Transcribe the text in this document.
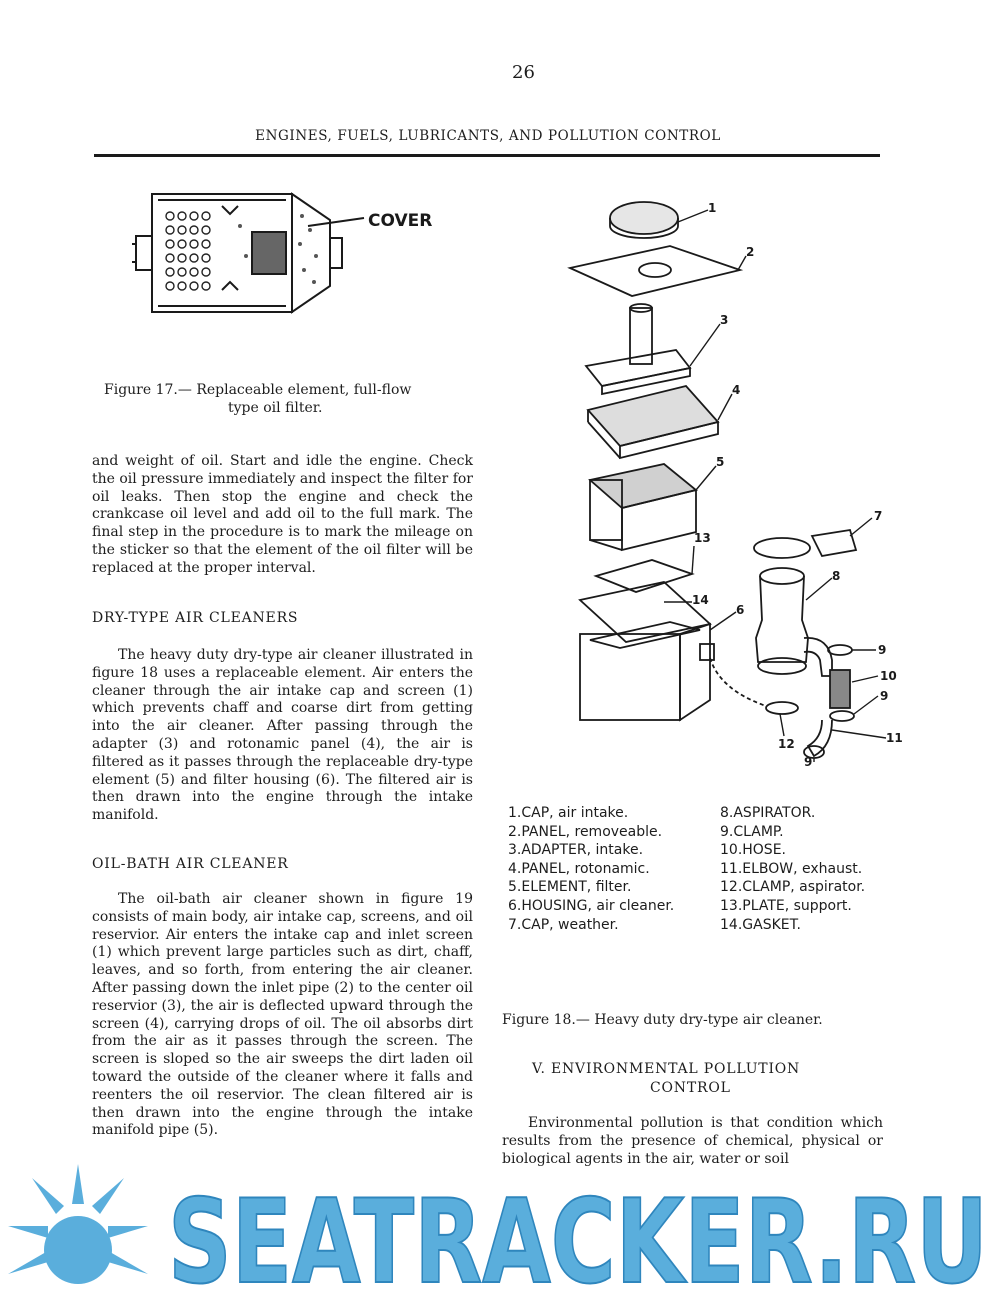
26
ENGINES, FUELS, LUBRICANTS, AND POLLUTION CONTROL
COVER
Figure 17.— Replaceable element, full-flow
type oil filter.

and weight of oil. Start and idle the engine. Check the oil pressure immediately and inspect the filter for oil leaks. Then stop the engine and check the crankcase oil level and add oil to the full mark. The final step in the procedure is to mark the mileage on the sticker so that the element of the oil filter will be replaced at the proper interval.

DRY-TYPE AIR CLEANERS

The heavy duty dry-type air cleaner illustrated in figure 18 uses a replaceable element. Air enters the cleaner through the air intake cap and screen (1) which prevents chaff and coarse dirt from getting into the air cleaner. After passing through the adapter (3) and rotonamic panel (4), the air is filtered as it passes through the replaceable dry-type element (5) and filter housing (6). The filtered air is then drawn into the engine through the intake manifold.

OIL-BATH AIR CLEANER

The oil-bath air cleaner shown in figure 19 consists of main body, air intake cap, screens, and oil reservior. Air enters the intake cap and inlet screen (1) which prevent large particles such as dirt, chaff, leaves, and so forth, from entering the air cleaner. After passing down the inlet pipe (2) to the center oil reservior (3), the air is deflected upward through the screen (4), carrying drops of oil. The oil absorbs dirt from the air as it passes through the screen. The screen is sloped so the air sweeps the dirt laden oil toward the outside of the cleaner where it falls and reenters the oil reservior. The clean filtered air is then drawn into the engine through the intake manifold pipe (5).

1
2
3
4
5
6
7
8
9
10
9
11
9
12
13
14
1.CAP, air intake.	8.ASPIRATOR.
2.PANEL, removeable.	9.CLAMP.
3.ADAPTER, intake.	10.HOSE.
4.PANEL, rotonamic.	11.ELBOW, exhaust.
5.ELEMENT, filter.	12.CLAMP, aspirator.
6.HOUSING, air cleaner.	13.PLATE, support.
7.CAP, weather.	14.GASKET.
Figure 18.— Heavy duty dry-type air cleaner.
V. ENVIRONMENTAL POLLUTION
CONTROL

Environmental pollution is that condition which results from the presence of chemical, physical or biological agents in the air, water or soil

SEATRACKER.RU
